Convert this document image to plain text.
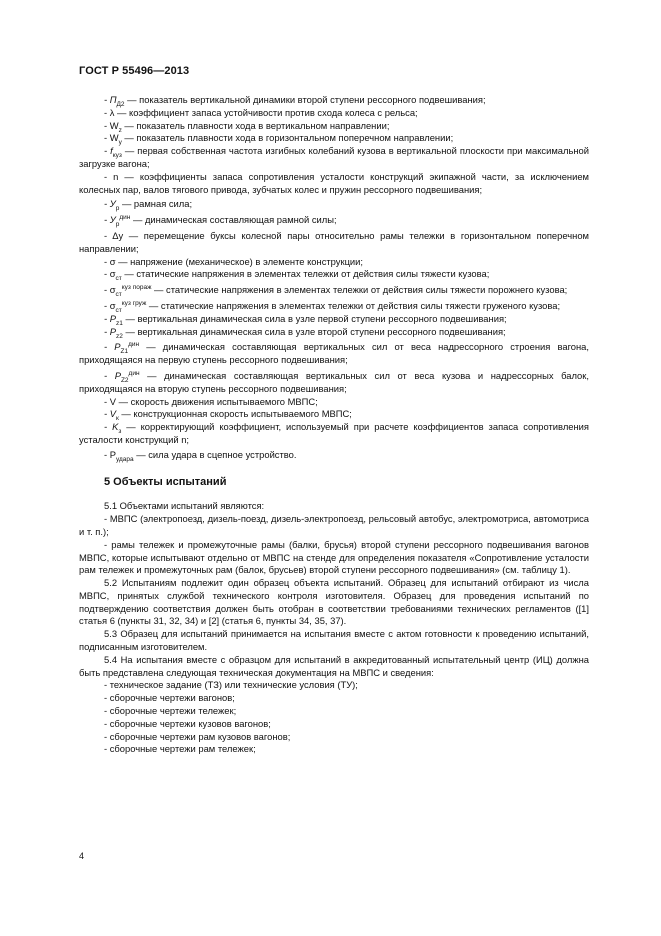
ГОСТ Р 55496—2013

- $\Pi_{Д2}$ — показатель вертикальной динамики второй ступени рессорного подвешивания;

- λ — коэффициент запаса устойчивости против схода колеса с рельса;

- $W_z$ — показатель плавности хода в вертикальном направлении;

- $W_y$ — показатель плавности хода в горизонтальном поперечном направлении;

- $f_{куз}$ — первая собственная частота изгибных колебаний кузова в вертикальной плоскости при максимальной загрузке вагона;

- n — коэффициенты запаса сопротивления усталости конструкций экипажной части, за исключением колесных пар, валов тягового привода, зубчатых колес и пружин рессорного подвешивания;

- $У_р$ — рамная сила;

- $У_р^{дин}$ — динамическая составляющая рамной силы;

- Δy — перемещение буксы колесной пары относительно рамы тележки в горизонтальном поперечном направлении;

- σ — напряжение (механическое) в элементе конструкции;

- $\sigma_{ст}$ — статические напряжения в элементах тележки от действия силы тяжести кузова;

- $\sigma_{ст}^{куз пораж}$ — статические напряжения в элементах тележки от действия силы тяжести порожнего кузова;

- $\sigma_{ст}^{куз груж}$ — статические напряжения в элементах тележки от действия силы тяжести груженого кузова;

- $P_{z1}$ — вертикальная динамическая сила в узле первой ступени рессорного подвешивания;

- $P_{z2}$ — вертикальная динамическая сила в узле второй ступени рессорного подвешивания;

- $P_{Z1}^{дин}$ — динамическая составляющая вертикальных сил от веса надрессорного строения вагона, приходящаяся на первую ступень рессорного подвешивания;

- $P_{Z2}^{дин}$ — динамическая составляющая вертикальных сил от веса кузова и надрессорных балок, приходящаяся на вторую ступень рессорного подвешивания;

- V — скорость движения испытываемого МВПС;

- $V_к$ — конструкционная скорость испытываемого МВПС;

- $K_з$ — корректирующий коэффициент, используемый при расчете коэффициентов запаса сопротивления усталости конструкций n;

- $P_{удара}$ — сила удара в сцепное устройство.

5 Объекты испытаний

5.1 Объектами испытаний являются:

- МВПС (электропоезд, дизель-поезд, дизель-электропоезд, рельсовый автобус, электромотриса, автомотриса и т. п.);

- рамы тележек и промежуточные рамы (балки, брусья) второй ступени рессорного подвешивания вагонов МВПС, которые испытывают отдельно от МВПС на стенде для определения показателя «Сопротивление усталости рам тележек и промежуточных рам (балок, брусьев) второй ступени рессорного подвешивания» (см. таблицу 1).

5.2 Испытаниям подлежит один образец объекта испытаний. Образец для испытаний отбирают из числа МВПС, принятых службой технического контроля изготовителя. Образец для проведения испытаний по подтверждению соответствия должен быть отобран в соответствии требованиями технических регламентов ([1] статья 6 (пункты 31, 32, 34) и [2] (статья 6, пункты 34, 35, 37).

5.3 Образец для испытаний принимается на испытания вместе с актом готовности к проведению испытаний, подписанным изготовителем.

5.4 На испытания вместе с образцом для испытаний в аккредитованный испытательный центр (ИЦ) должна быть представлена следующая техническая документация на МВПС и сведения:

- техническое задание (ТЗ) или технические условия (ТУ);

- сборочные чертежи вагонов;

- сборочные чертежи тележек;

- сборочные чертежи кузовов вагонов;

- сборочные чертежи рам кузовов вагонов;

- сборочные чертежи рам тележек;

4
